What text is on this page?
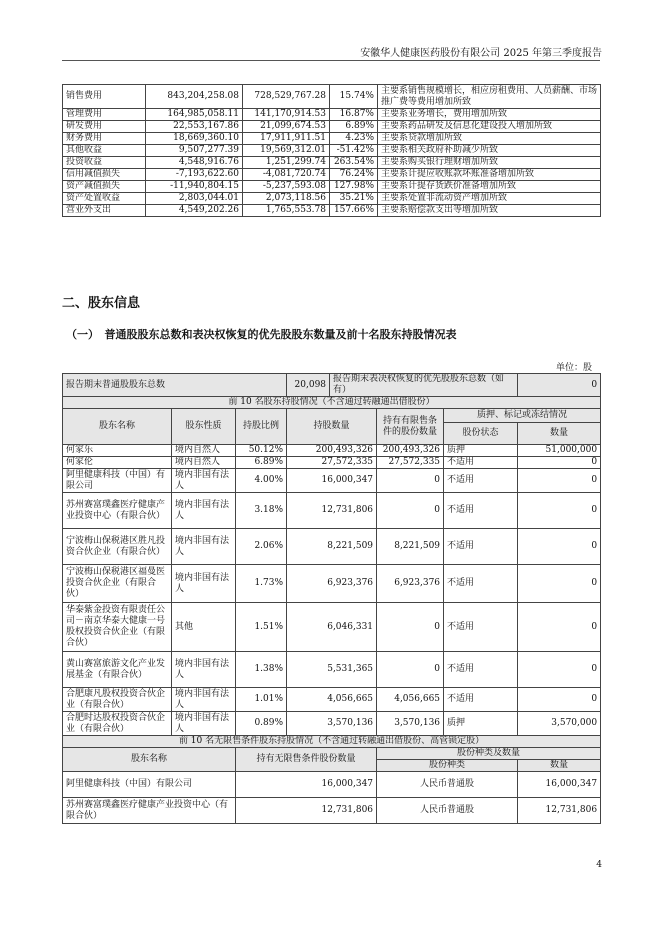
安徽华人健康医药股份有限公司 2025 年第三季度报告
销售费用	843,204,258.08	728,529,767.28	15.74%	主要系销售规模增长，相应房租费用、人员薪酬、市场推广费等费用增加所致
管理费用	164,985,058.11	141,170,914.53	16.87%	主要系业务增长，费用增加所致
研发费用	22,553,167.86	21,099,674.53	6.89%	主要系药品研发及信息化建设投入增加所致
财务费用	18,669,360.10	17,911,911.51	4.23%	主要系贷款增加所致
其他收益	9,507,277.39	19,569,312.01	-51.42%	主要系相关政府补助减少所致
投资收益	4,548,916.76	1,251,299.74	263.54%	主要系购买银行理财增加所致
信用减值损失	-7,193,622.60	-4,081,720.74	76.24%	主要系计提应收账款坏账准备增加所致
资产减值损失	-11,940,804.15	-5,237,593.08	127.98%	主要系计提存货跌价准备增加所致
资产处置收益	2,803,044.01	2,073,118.56	35.21%	主要系处置非流动资产增加所致
营业外支出	4,549,202.26	1,765,553.78	157.66%	主要系赔偿款支出等增加所致
二、股东信息
（一）　普通股股东总数和表决权恢复的优先股股东数量及前十名股东持股情况表
单位：股
报告期末普通股股东总数			20,098	报告期末表决权恢复的优先股股东总数（如有）			0
前 10 名股东持股情况（不含通过转融通出借股份）							
股东名称	股东性质	持股比例	持股数量		持有有限售条件的股份数量	质押、标记或冻结情况	
						股份状态	数量
何家乐	境内自然人	50.12%	200,493,326		200,493,326	质押	51,000,000
何家伦	境内自然人	6.89%	27,572,335		27,572,335	不适用	0
阿里健康科技（中国）有限公司	境内非国有法人	4.00%	16,000,347		0	不适用	0
苏州赛富璞鑫医疗健康产业投资中心（有限合伙）	境内非国有法人	3.18%	12,731,806		0	不适用	0
宁波梅山保税港区胜凡投资合伙企业（有限合伙）	境内非国有法人	2.06%	8,221,509		8,221,509	不适用	0
宁波梅山保税港区福曼医投资合伙企业（有限合伙）	境内非国有法人	1.73%	6,923,376		6,923,376	不适用	0
华泰紫金投资有限责任公司－南京华泰大健康一号股权投资合伙企业（有限合伙）	其他	1.51%	6,046,331		0	不适用	0
黄山赛富旅游文化产业发展基金（有限合伙）	境内非国有法人	1.38%	5,531,365		0	不适用	0
合肥康凡股权投资合伙企业（有限合伙）	境内非国有法人	1.01%	4,056,665		4,056,665	不适用	0
合肥时达股权投资合伙企业（有限合伙）	境内非国有法人	0.89%	3,570,136		3,570,136	质押	3,570,000
前 10 名无限售条件股东持股情况（不含通过转融通出借股份、高管锁定股）							
股东名称		持有无限售条件股份数量			股份种类及数量		
					股份种类		数量
阿里健康科技（中国）有限公司		16,000,347			人民币普通股		16,000,347
苏州赛富璞鑫医疗健康产业投资中心（有限合伙）		12,731,806			人民币普通股		12,731,806
4
